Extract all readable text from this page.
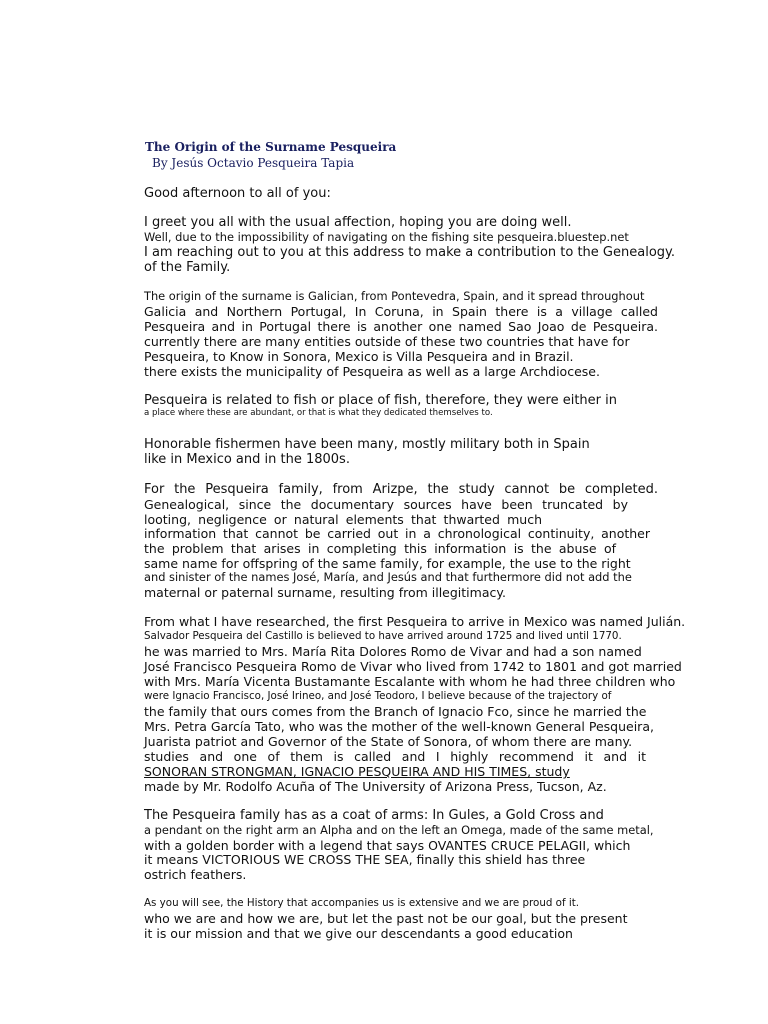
The Origin of the Surname Pesqueira
By Jesús Octavio Pesqueira Tapia
Good afternoon to all of you:
I greet you all with the usual affection, hoping you are doing well.
Well, due to the impossibility of navigating on the fishing site pesqueira.bluestep.net
I am reaching out to you at this address to make a contribution to the Genealogy.
of the Family.
The origin of the surname is Galician, from Pontevedra, Spain, and it spread throughout
Galicia and Northern Portugal, In Coruna, in Spain there is a village called
Pesqueira and in Portugal there is another one named Sao Joao de Pesqueira.
currently there are many entities outside of these two countries that have for
Pesqueira, to Know in Sonora, Mexico is Villa Pesqueira and in Brazil.
there exists the municipality of Pesqueira as well as a large Archdiocese.
Pesqueira is related to fish or place of fish, therefore, they were either in
a place where these are abundant, or that is what they dedicated themselves to.
Honorable fishermen have been many, mostly military both in Spain
like in Mexico and in the 1800s.
For the Pesqueira family, from Arizpe, the study cannot be completed.
Genealogical, since the documentary sources have been truncated by
looting, negligence or natural elements that thwarted much
information that cannot be carried out in a chronological continuity, another
the problem that arises in completing this information is the abuse of
same name for offspring of the same family, for example, the use to the right
and sinister of the names José, María, and Jesús and that furthermore did not add the
maternal or paternal surname, resulting from illegitimacy.
From what I have researched, the first Pesqueira to arrive in Mexico was named Julián.
Salvador Pesqueira del Castillo is believed to have arrived around 1725 and lived until 1770.
he was married to Mrs. María Rita Dolores Romo de Vivar and had a son named
José Francisco Pesqueira Romo de Vivar who lived from 1742 to 1801 and got married
with Mrs. María Vicenta Bustamante Escalante with whom he had three children who
were Ignacio Francisco, José Irineo, and José Teodoro, I believe because of the trajectory of
the family that ours comes from the Branch of Ignacio Fco, since he married the
Mrs. Petra García Tato, who was the mother of the well-known General Pesqueira,
Juarista patriot and Governor of the State of Sonora, of whom there are many.
studies and one of them is called and I highly recommend it and it
SONORAN STRONGMAN, IGNACIO PESQUEIRA AND HIS TIMES, study
made by Mr. Rodolfo Acuña of The University of Arizona Press, Tucson, Az.
The Pesqueira family has as a coat of arms: In Gules, a Gold Cross and
a pendant on the right arm an Alpha and on the left an Omega, made of the same metal,
with a golden border with a legend that says OVANTES CRUCE PELAGII, which
it means VICTORIOUS WE CROSS THE SEA, finally this shield has three
ostrich feathers.
As you will see, the History that accompanies us is extensive and we are proud of it.
who we are and how we are, but let the past not be our goal, but the present
it is our mission and that we give our descendants a good education
